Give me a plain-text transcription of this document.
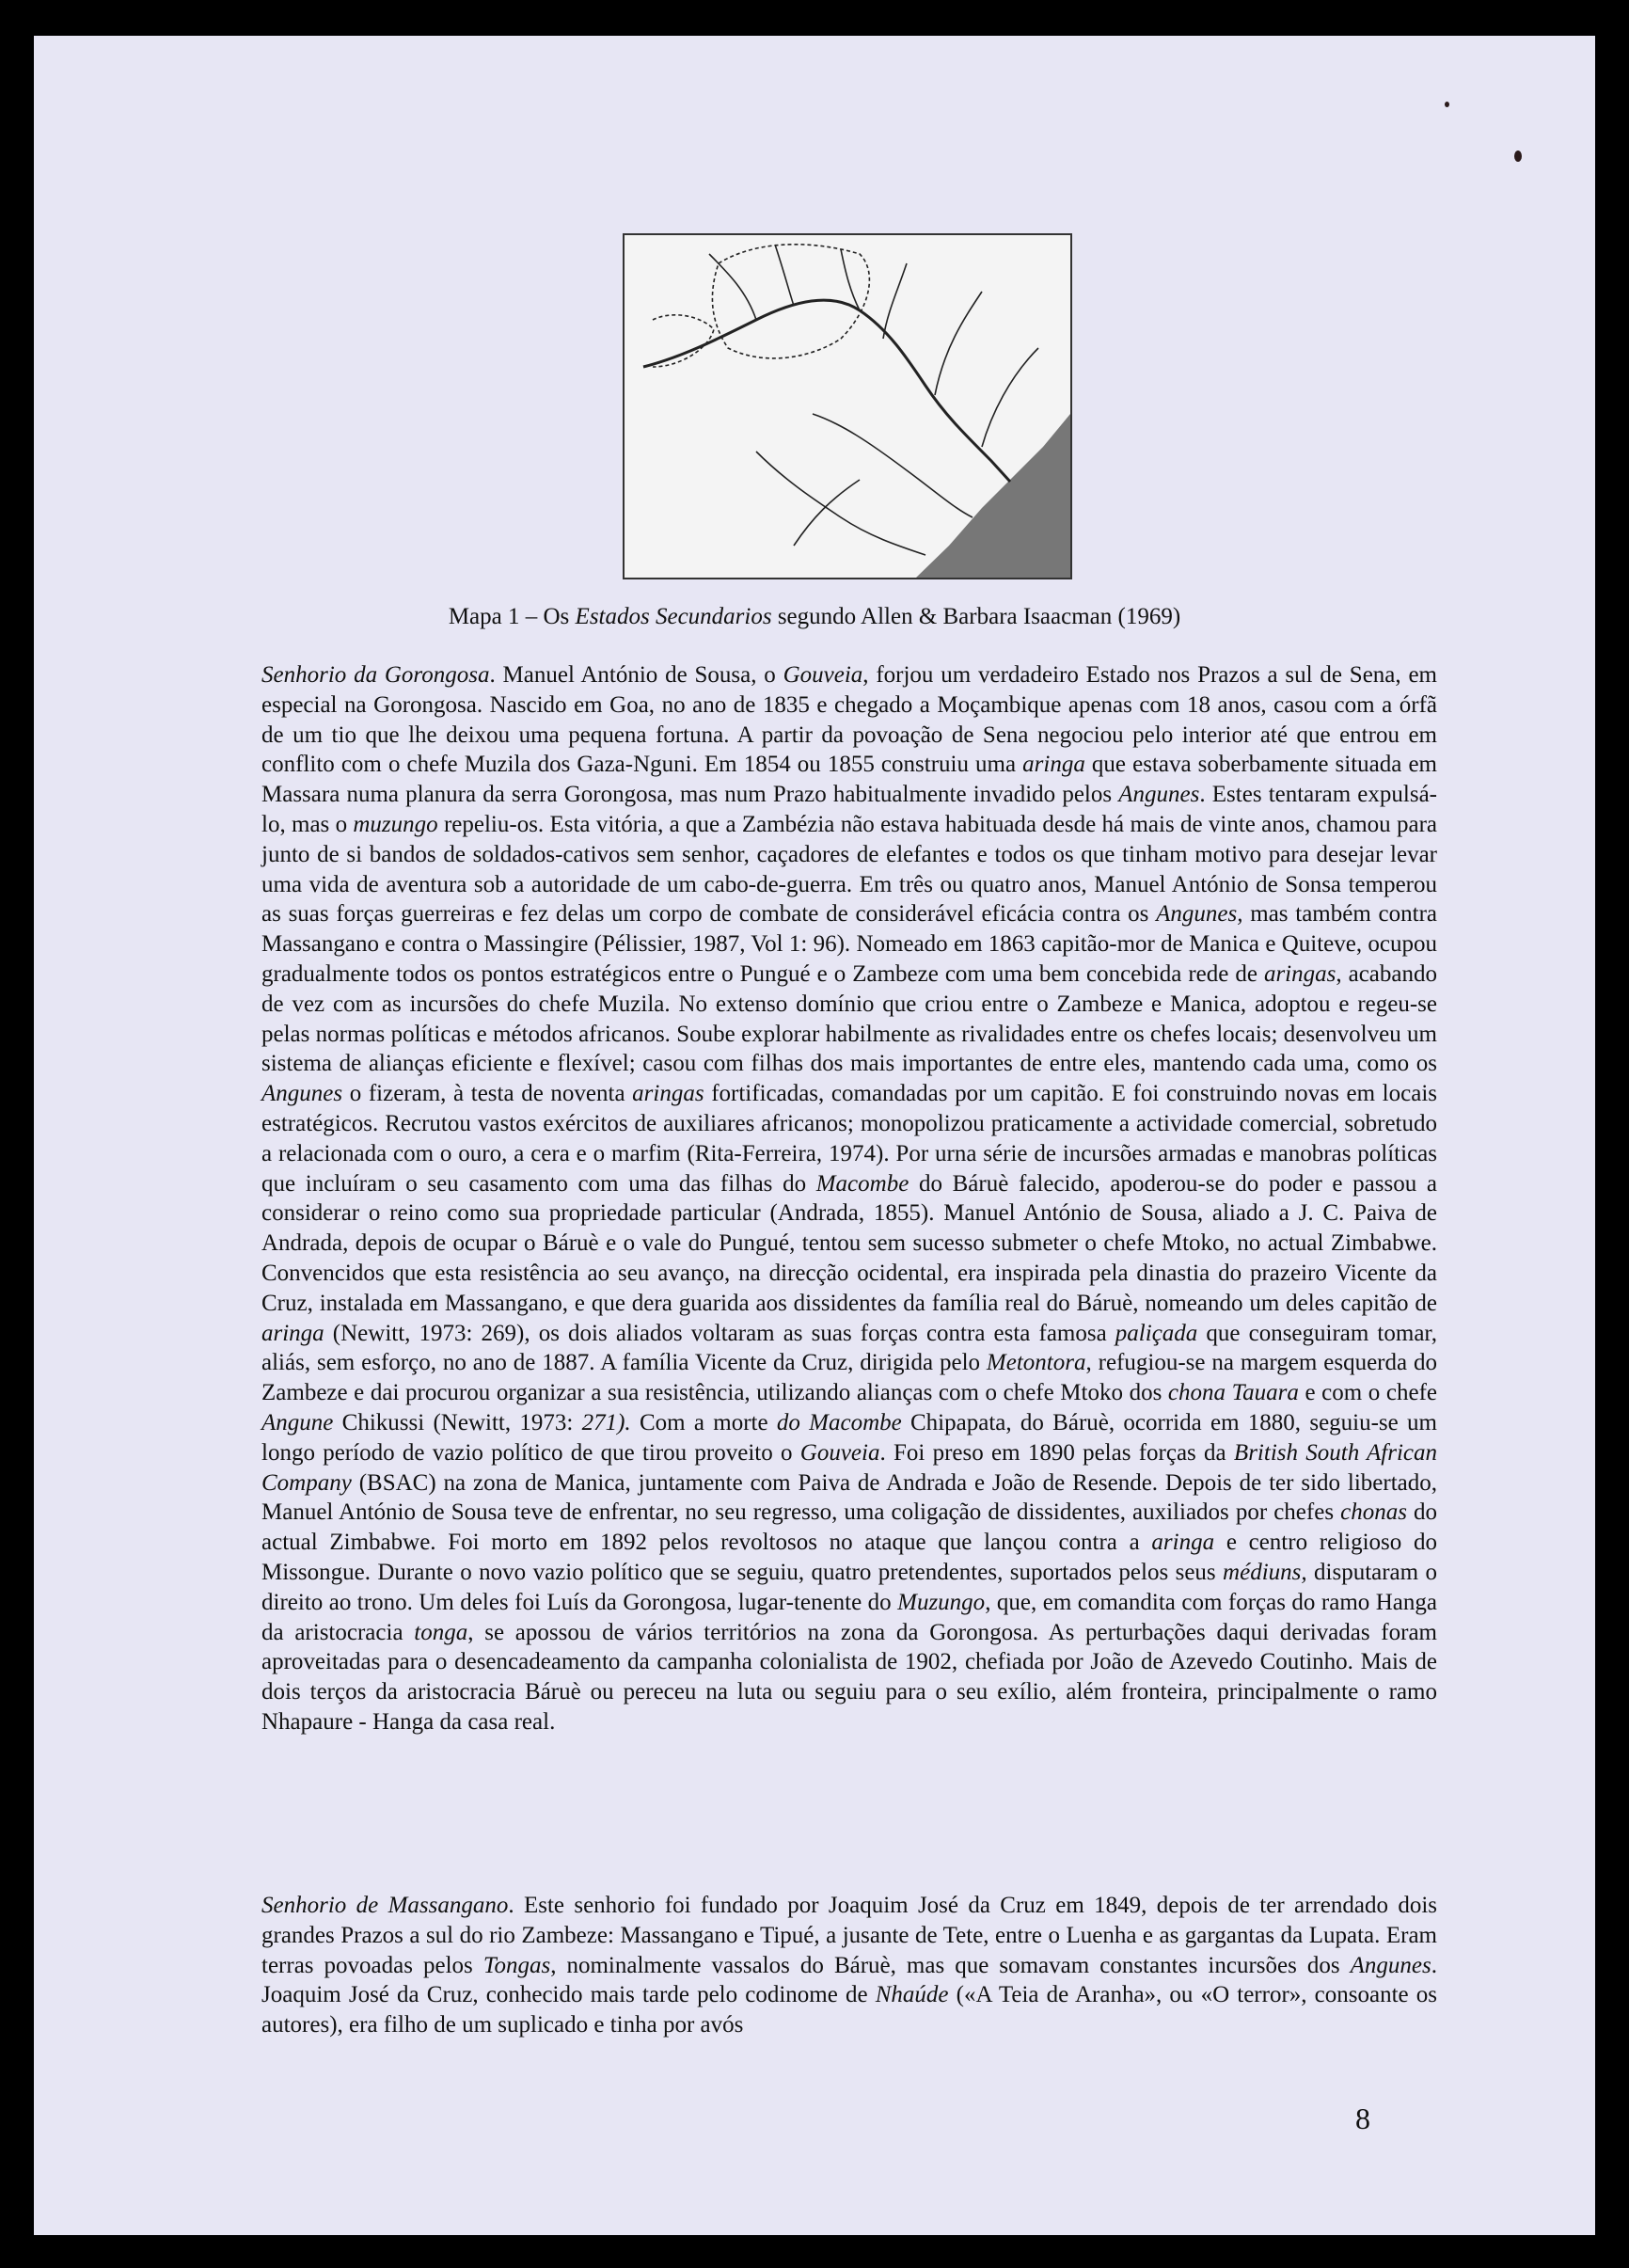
Mapa 1 – Os Estados Secundarios segundo Allen & Barbara Isaacman (1969)

Senhorio da Gorongosa. Manuel António de Sousa, o Gouveia, forjou um verdadeiro Estado nos Prazos a sul de Sena, em especial na Gorongosa. Nascido em Goa, no ano de 1835 e chegado a Moçambique apenas com 18 anos, casou com a órfã de um tio que lhe deixou uma pequena fortuna. A partir da povoação de Sena negociou pelo interior até que entrou em conflito com o chefe Muzila dos Gaza-Nguni. Em 1854 ou 1855 construiu uma aringa que estava soberbamente situada em Massara numa planura da serra Gorongosa, mas num Prazo habitualmente invadido pelos Angunes. Estes tentaram expulsá-lo, mas o muzungo repeliu-os. Esta vitória, a que a Zambézia não estava habituada desde há mais de vinte anos, chamou para junto de si bandos de soldados-cativos sem senhor, caçadores de elefantes e todos os que tinham motivo para desejar levar uma vida de aventura sob a autoridade de um cabo-de-guerra. Em três ou quatro anos, Manuel António de Sonsa temperou as suas forças guerreiras e fez delas um corpo de combate de considerável eficácia contra os Angunes, mas também contra Massangano e contra o Massingire (Pélissier, 1987, Vol 1: 96). Nomeado em 1863 capitão-mor de Manica e Quiteve, ocupou gradualmente todos os pontos estratégicos entre o Pungué e o Zambeze com uma bem concebida rede de aringas, acabando de vez com as incursões do chefe Muzila. No extenso domínio que criou entre o Zambeze e Manica, adoptou e regeu-se pelas normas políticas e métodos africanos. Soube explorar habilmente as rivalidades entre os chefes locais; desenvolveu um sistema de alianças eficiente e flexível; casou com filhas dos mais importantes de entre eles, mantendo cada uma, como os Angunes o fizeram, à testa de noventa aringas fortificadas, comandadas por um capitão. E foi construindo novas em locais estratégicos. Recrutou vastos exércitos de auxiliares africanos; monopolizou praticamente a actividade comercial, sobretudo a relacionada com o ouro, a cera e o marfim (Rita-Ferreira, 1974). Por urna série de incursões armadas e manobras políticas que incluíram o seu casamento com uma das filhas do Macombe do Báruè falecido, apoderou-se do poder e passou a considerar o reino como sua propriedade particular (Andrada, 1855). Manuel António de Sousa, aliado a J. C. Paiva de Andrada, depois de ocupar o Báruè e o vale do Pungué, tentou sem sucesso submeter o chefe Mtoko, no actual Zimbabwe. Convencidos que esta resistência ao seu avanço, na direcção ocidental, era inspirada pela dinastia do prazeiro Vicente da Cruz, instalada em Massangano, e que dera guarida aos dissidentes da família real do Báruè, nomeando um deles capitão de aringa (Newitt, 1973: 269), os dois aliados voltaram as suas forças contra esta famosa paliçada que conseguiram tomar, aliás, sem esforço, no ano de 1887. A família Vicente da Cruz, dirigida pelo Metontora, refugiou-se na margem esquerda do Zambeze e dai procurou organizar a sua resistência, utilizando alianças com o chefe Mtoko dos chona Tauara e com o chefe Angune Chikussi (Newitt, 1973: 271). Com a morte do Macombe Chipapata, do Báruè, ocorrida em 1880, seguiu-se um longo período de vazio político de que tirou proveito o Gouveia. Foi preso em 1890 pelas forças da British South African Company (BSAC) na zona de Manica, juntamente com Paiva de Andrada e João de Resende. Depois de ter sido libertado, Manuel António de Sousa teve de enfrentar, no seu regresso, uma coligação de dissidentes, auxiliados por chefes chonas do actual Zimbabwe. Foi morto em 1892 pelos revoltosos no ataque que lançou contra a aringa e centro religioso do Missongue. Durante o novo vazio político que se seguiu, quatro pretendentes, suportados pelos seus médiuns, disputaram o direito ao trono. Um deles foi Luís da Gorongosa, lugar-tenente do Muzungo, que, em comandita com forças do ramo Hanga da aristocracia tonga, se apossou de vários territórios na zona da Gorongosa. As perturbações daqui derivadas foram aproveitadas para o desencadeamento da campanha colonialista de 1902, chefiada por João de Azevedo Coutinho. Mais de dois terços da aristocracia Báruè ou pereceu na luta ou seguiu para o seu exílio, além fronteira, principalmente o ramo Nhapaure - Hanga da casa real.

Senhorio de Massangano. Este senhorio foi fundado por Joaquim José da Cruz em 1849, depois de ter arrendado dois grandes Prazos a sul do rio Zambeze: Massangano e Tipué, a jusante de Tete, entre o Luenha e as gargantas da Lupata. Eram terras povoadas pelos Tongas, nominalmente vassalos do Báruè, mas que somavam constantes incursões dos Angunes. Joaquim José da Cruz, conhecido mais tarde pelo codinome de Nhaúde («A Teia de Aranha», ou «O terror», consoante os autores), era filho de um suplicado e tinha por avós

8
